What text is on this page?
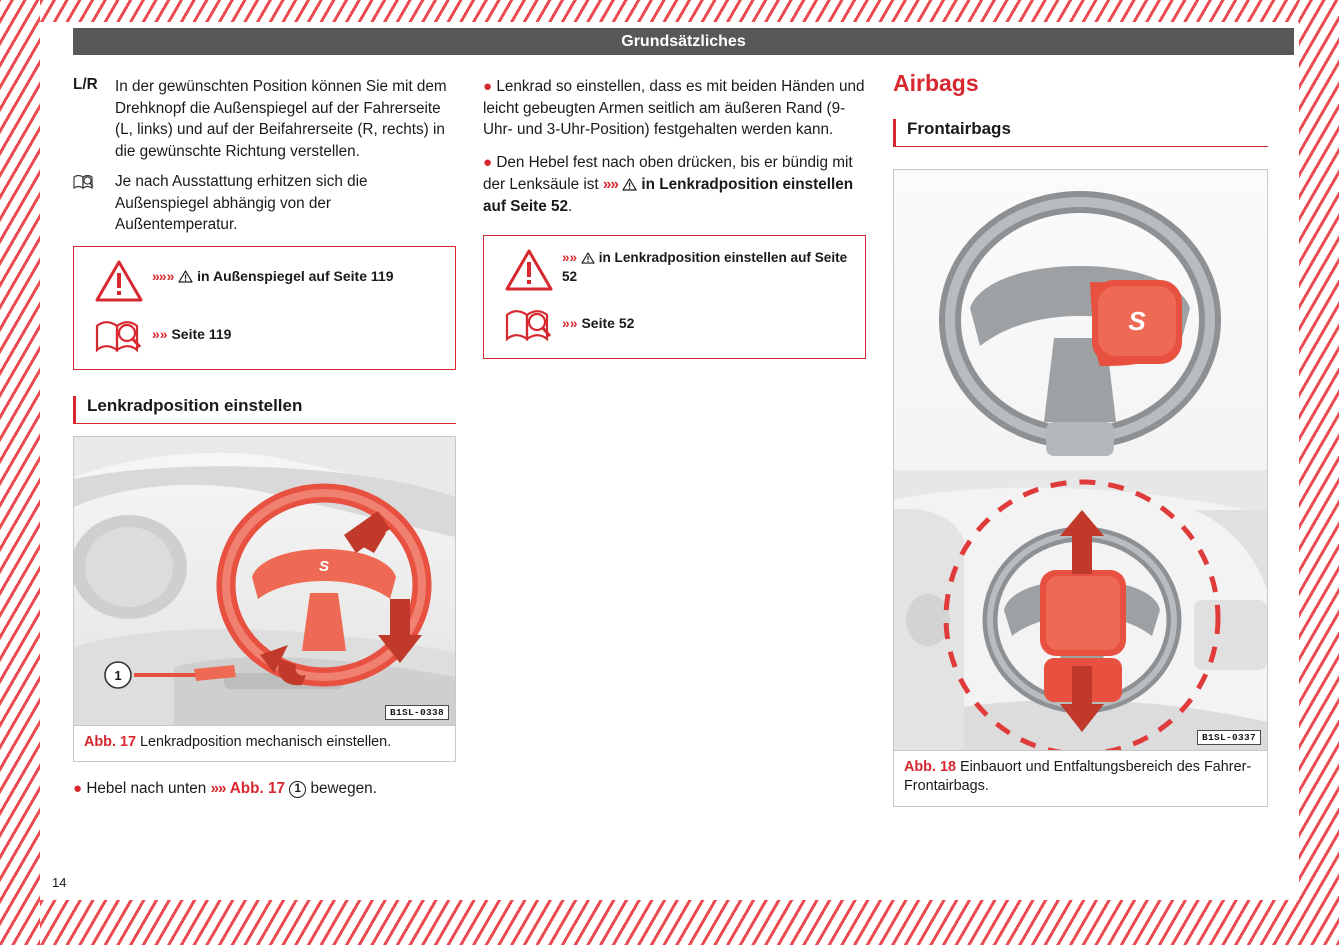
Grundsätzliches
L/R	In der gewünschten Position können Sie mit dem Drehknopf die Außenspiegel auf der Fahrerseite (L, links) und auf der Beifahrerseite (R, rechts) in die gewünschte Richtung verstellen.
Je nach Ausstattung erhitzen sich die Außenspiegel abhängig von der Außentemperatur.
»»» in Außenspiegel auf Seite 119
»» Seite 119
Lenkradposition einstellen
S
1
B1SL-0338
Abb. 17 Lenkradposition mechanisch einstellen.
● Hebel nach unten »» Abb. 17 1 bewegen.
● Lenkrad so einstellen, dass es mit beiden Händen und leicht gebeugten Armen seitlich am äußeren Rand (9-Uhr- und 3-Uhr-Position) festgehalten werden kann.
● Den Hebel fest nach oben drücken, bis er bündig mit der Lenksäule ist »» in Lenkradposition einstellen auf Seite 52.
»» in Lenkradposition einstellen auf Seite 52
»» Seite 52
Airbags
Frontairbags
S
B1SL-0337
Abb. 18 Einbauort und Entfaltungsbereich des Fahrer-Frontairbags.
14
